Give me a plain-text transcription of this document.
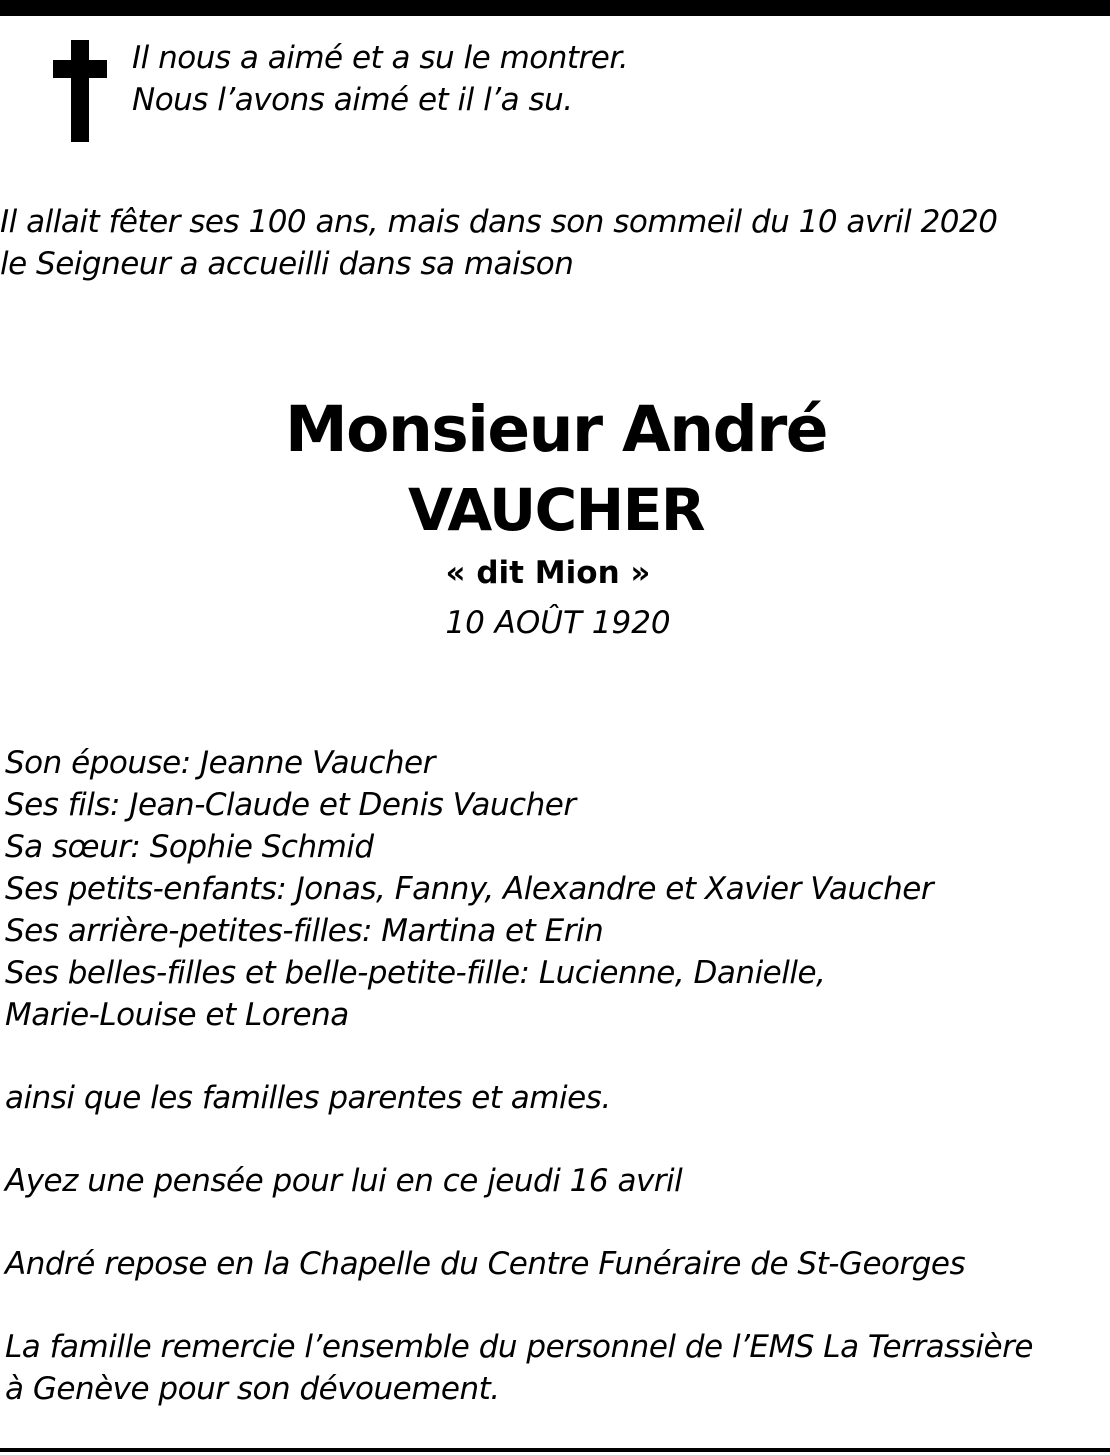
Il nous a aimé et a su le montrer.
Nous l’avons aimé et il l’a su.
Il allait fêter ses 100 ans, mais dans son sommeil du 10 avril 2020
le Seigneur a accueilli dans sa maison
Monsieur André
VAUCHER
« dit Mion »
10 AOÛT 1920
Son épouse: Jeanne Vaucher
Ses fils: Jean-Claude et Denis Vaucher
Sa sœur: Sophie Schmid
Ses petits-enfants: Jonas, Fanny, Alexandre et Xavier Vaucher
Ses arrière-petites-filles: Martina et Erin
Ses belles-filles et belle-petite-fille: Lucienne, Danielle,
Marie-Louise et Lorena
ainsi que les familles parentes et amies.
Ayez une pensée pour lui en ce jeudi 16 avril
André repose en la Chapelle du Centre Funéraire de St-Georges
La famille remercie l’ensemble du personnel de l’EMS La Terrassière
à Genève pour son dévouement.
